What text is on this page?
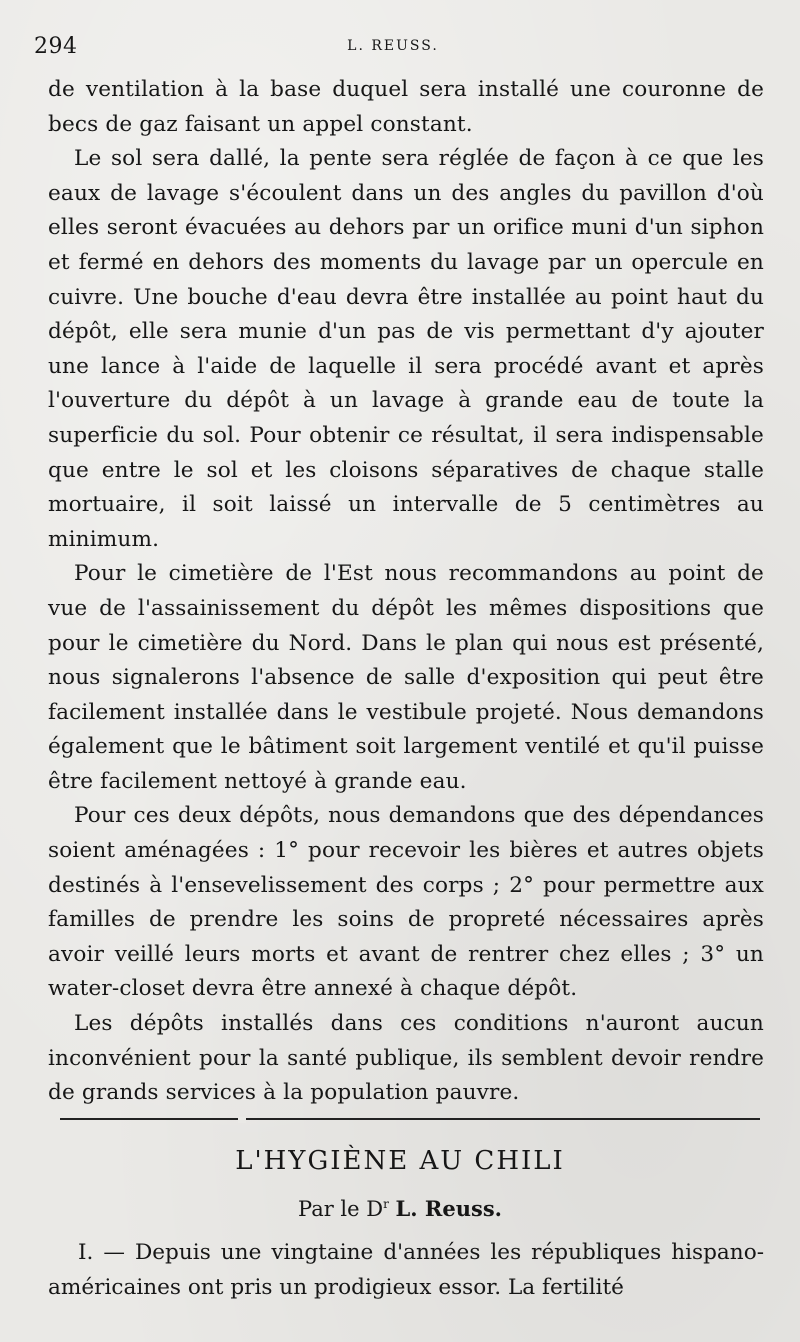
294	L. REUSS.

de ventilation à la base duquel sera installé une couronne de becs de gaz faisant un appel constant.

Le sol sera dallé, la pente sera réglée de façon à ce que les eaux de lavage s'écoulent dans un des angles du pavillon d'où elles seront évacuées au dehors par un orifice muni d'un siphon et fermé en dehors des moments du lavage par un opercule en cuivre. Une bouche d'eau devra être installée au point haut du dépôt, elle sera munie d'un pas de vis permettant d'y ajouter une lance à l'aide de laquelle il sera procédé avant et après l'ouverture du dépôt à un lavage à grande eau de toute la superficie du sol. Pour obtenir ce résultat, il sera indispensable que entre le sol et les cloisons séparatives de chaque stalle mortuaire, il soit laissé un intervalle de 5 centimètres au minimum.

Pour le cimetière de l'Est nous recommandons au point de vue de l'assainissement du dépôt les mêmes dispositions que pour le cimetière du Nord. Dans le plan qui nous est présenté, nous signalerons l'absence de salle d'exposition qui peut être facilement installée dans le vestibule projeté. Nous demandons également que le bâtiment soit largement ventilé et qu'il puisse être facilement nettoyé à grande eau.

Pour ces deux dépôts, nous demandons que des dépendances soient aménagées : 1° pour recevoir les bières et autres objets destinés à l'ensevelissement des corps ; 2° pour permettre aux familles de prendre les soins de propreté nécessaires après avoir veillé leurs morts et avant de rentrer chez elles ; 3° un water-closet devra être annexé à chaque dépôt.

Les dépôts installés dans ces conditions n'auront aucun inconvénient pour la santé publique, ils semblent devoir rendre de grands services à la population pauvre.

L'HYGIÈNE AU CHILI
Par le $D^r$ L. Reuss.

I. — Depuis une vingtaine d'années les républiques hispano-américaines ont pris un prodigieux essor. La fertilité
